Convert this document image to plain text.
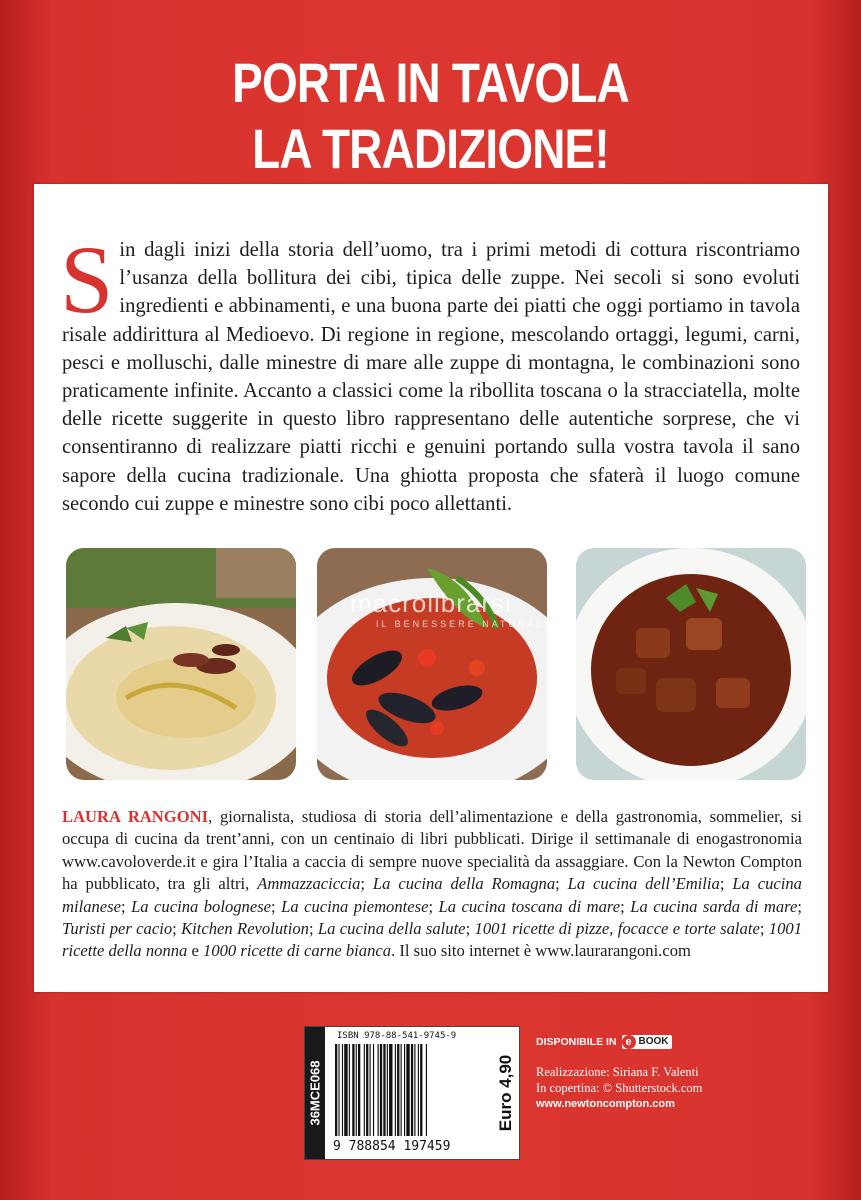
PORTA IN TAVOLA
LA TRADIZIONE!
S in dagli inizi della storia dell’uomo, tra i primi metodi di cottura riscontriamo l’usanza della bollitura dei cibi, tipica delle zuppe. Nei secoli si sono evoluti ingredienti e abbinamenti, e una buona parte dei piatti che oggi portiamo in tavola risale addirittura al Medioevo. Di regione in regione, mescolando ortaggi, legumi, carni, pesci e molluschi, dalle minestre di mare alle zuppe di montagna, le combinazioni sono praticamente infinite. Accanto a classici come la ribollita toscana o la stracciatella, molte delle ricette suggerite in questo libro rappresentano delle autentiche sorprese, che vi consentiranno di realizzare piatti ricchi e genuini portando sulla vostra tavola il sano sapore della cucina tradizionale. Una ghiotta proposta che sfaterà il luogo comune secondo cui zuppe e minestre sono cibi poco allettanti.
macrolibrarsi
IL BENESSERE NATURALE
LAURA RANGONI, giornalista, studiosa di storia dell’alimentazione e della gastronomia, sommelier, si occupa di cucina da trent’anni, con un centinaio di libri pubblicati. Dirige il settimanale di enogastronomia www.cavoloverde.it e gira l’Italia a caccia di sempre nuove specialità da assaggiare. Con la Newton Compton ha pubblicato, tra gli altri, Ammazzaciccia; La cucina della Romagna; La cucina dell’Emilia; La cucina milanese; La cucina bolognese; La cucina piemontese; La cucina toscana di mare; La cucina sarda di mare; Turisti per cacio; Kitchen Revolution; La cucina della salute; 1001 ricette di pizze, focacce e torte salate; 1001 ricette della nonna e 1000 ricette di carne bianca. Il suo sito internet è www.laurarangoni.com
36MCE068
ISBN 978-88-541-9745-9
9 788854 197459
Euro 4,90
DISPONIBILE IN e BOOK
Realizzazione: Siriana F. Valenti
In copertina: © Shutterstock.com
www.newtoncompton.com
